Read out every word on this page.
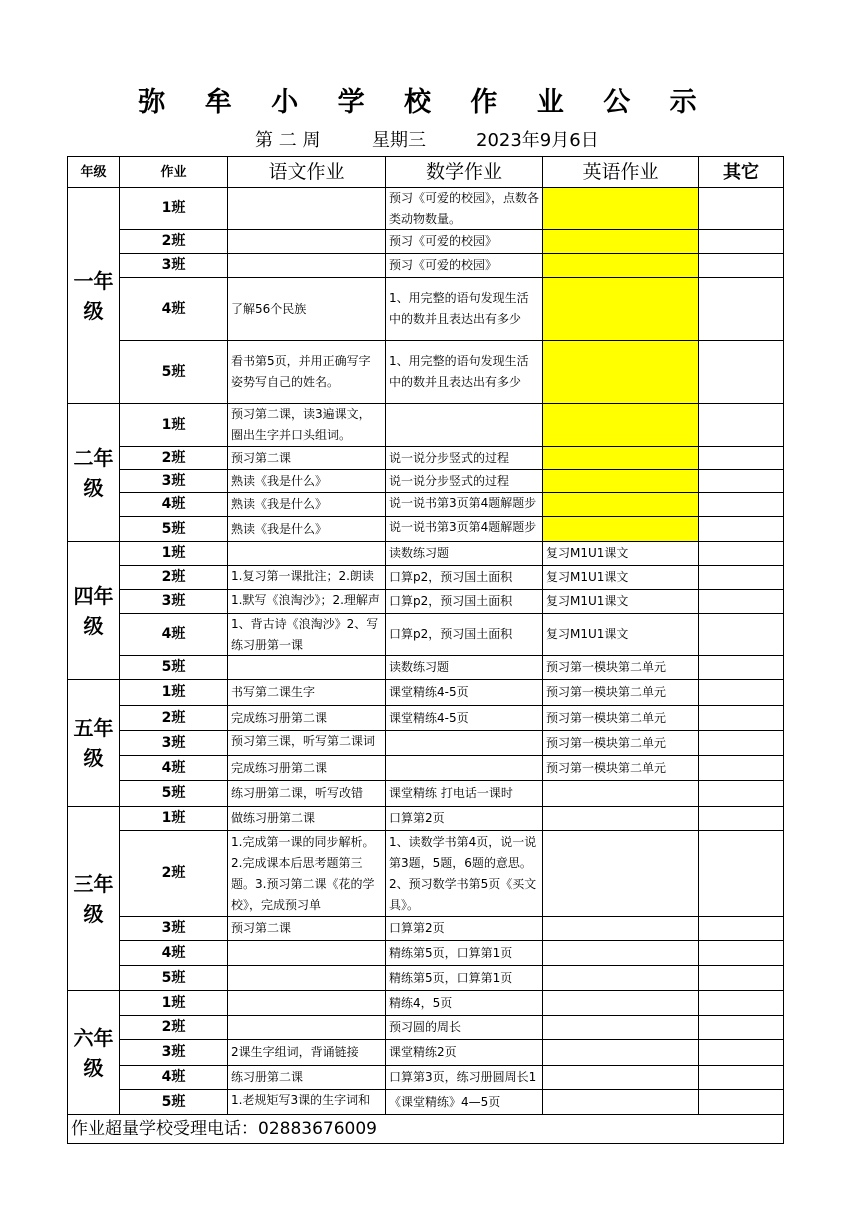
弥 牟 小 学 校 作 业 公 示
第 二 周	星期三	2023年9月6日
年级	作业	语文作业	数学作业	英语作业	其它
一年级	1班		预习《可爱的校园》，点数各类动物数量。		

	2班		预习《可爱的校园》		

	3班		预习《可爱的校园》		

	4班	了解56个民族	1、用完整的语句发现生活中的数并且表达出有多少		

	5班	看书第5页，并用正确写字姿势写自己的姓名。	1、用完整的语句发现生活中的数并且表达出有多少		

二年级	1班	预习第二课，读3遍课文，圈出生字并口头组词。			

	2班	预习第二课	说一说分步竖式的过程		

	3班	熟读《我是什么》	说一说分步竖式的过程		

	4班	熟读《我是什么》	说一说书第3页第4题解题步		

	5班	熟读《我是什么》	说一说书第3页第4题解题步		

四年级	1班		读数练习题	复习M1U1课文	

	2班	1.复习第一课批注；2.朗读	口算p2，预习国土面积	复习M1U1课文	

	3班	1.默写《浪淘沙》；2.理解声	口算p2，预习国土面积	复习M1U1课文	

	4班	1、背古诗《浪淘沙》2、写练习册第一课	口算p2，预习国土面积	复习M1U1课文	

	5班		读数练习题	预习第一模块第二单元	

五年级	1班	书写第二课生字	课堂精练4-5页	预习第一模块第二单元	

	2班	完成练习册第二课	课堂精练4-5页	预习第一模块第二单元	

	3班	预习第三课，听写第二课词		预习第一模块第二单元	

	4班	完成练习册第二课		预习第一模块第二单元	

	5班	练习册第二课，听写改错	课堂精练 打电话一课时		

三年级	1班	做练习册第二课	口算第2页		

	2班	1.完成第一课的同步解析。2.完成课本后思考题第三题。3.预习第二课《花的学校》，完成预习单	1、读数学书第4页，说一说第3题，5题，6题的意思。2、预习数学书第5页《买文具》。		

	3班	预习第二课	口算第2页		

	4班		精练第5页，口算第1页		

	5班		精练第5页，口算第1页		

六年级	1班		精练4，5页		

	2班		预习圆的周长		

	3班	2课生字组词，背诵链接	课堂精练2页		

	4班	练习册第二课	口算第3页，练习册圆周长1		

	5班	1.老规矩写3课的生字词和	《课堂精练》4—5页		

作业超量学校受理电话：02883676009					
